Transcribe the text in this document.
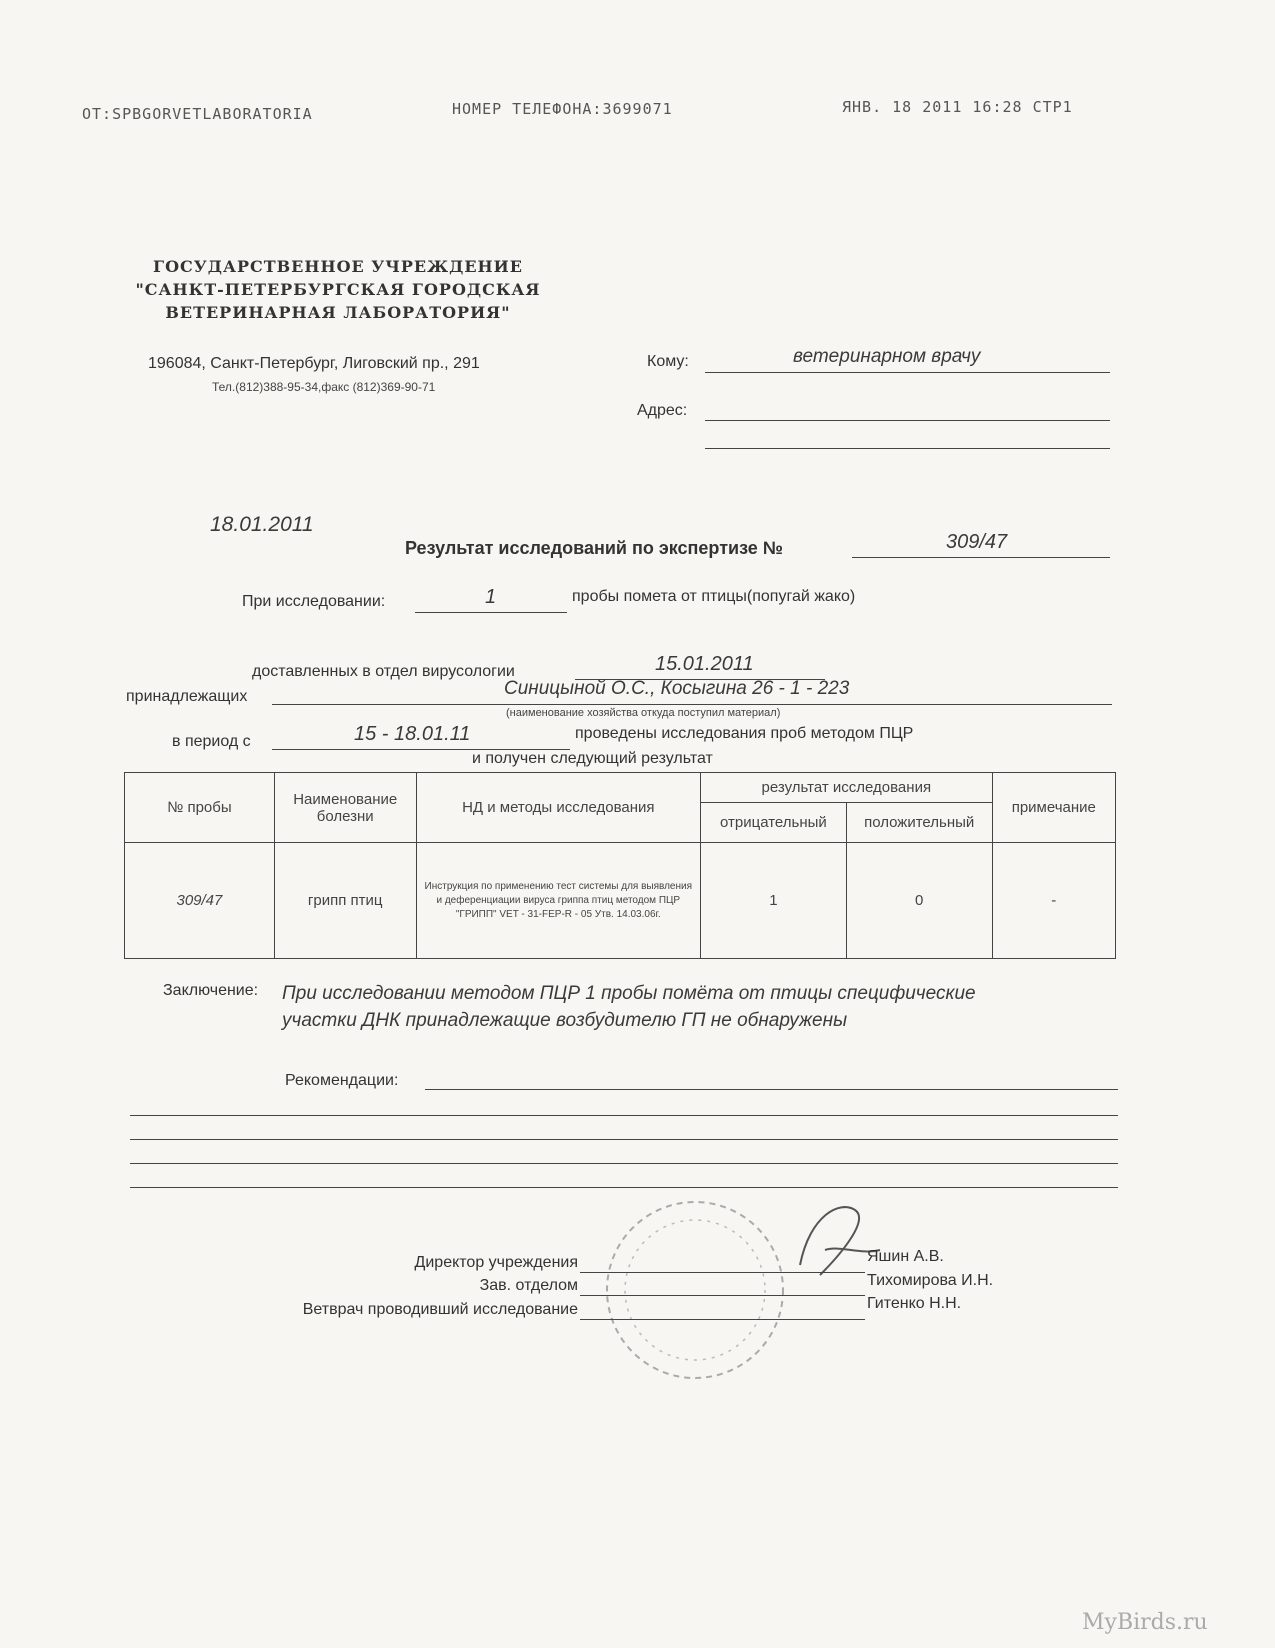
OT:SPBGORVETLABORATORIA	НОМЕР ТЕЛЕФОНА:3699071	ЯНВ. 18 2011 16:28 СТР1
ГОСУДАРСТВЕННОЕ УЧРЕЖДЕНИЕ
"САНКТ-ПЕТЕРБУРГСКАЯ ГОРОДСКАЯ
ВЕТЕРИНАРНАЯ ЛАБОРАТОРИЯ"
196084, Санкт-Петербург, Лиговский пр., 291
Тел.(812)388-95-34,факс (812)369-90-71
Кому:	ветеринарном врачу
Адрес:
18.01.2011
Результат исследований по экспертизе №	309/47
При исследовании:	1	пробы помета от птицы(попугай жако)
доставленных в отдел вирусологии	15.01.2011
принадлежащих	Синицыной О.С., Косыгина 26 - 1 - 223
(наименование хозяйства откуда поступил материал)
в период с	15 - 18.01.11	проведены исследования проб методом ПЦР
и получен следующий результат
№ пробы	Наименование болезни	НД и методы исследования	результат исследования		примечание
			отрицательный	положительный	
309/47	грипп птиц	Инструкция по применению тест системы для выявления и деференциации вируса гриппа птиц методом ПЦР "ГРИПП" VET - 31-FEP-R - 05 Утв. 14.03.06г.	1	0	-
Заключение: При исследовании методом ПЦР 1 пробы помёта от птицы специфические
участки ДНК принадлежащие возбудителю ГП не обнаружены
Рекомендации:
Директор учреждения	Яшин А.В.
Зав. отделом	Тихомирова И.Н.
Ветврач проводивший исследование	Гитенко Н.Н.
MyBirds.ru
